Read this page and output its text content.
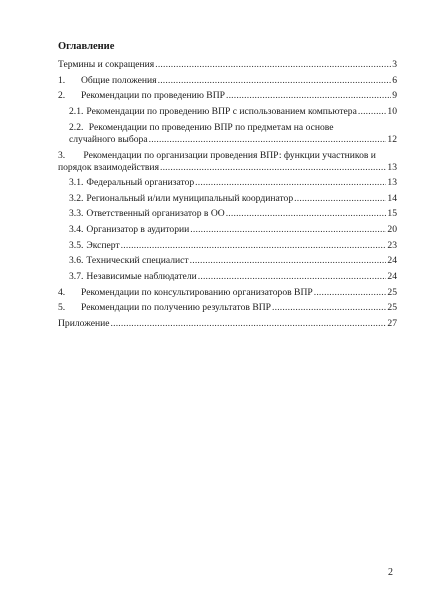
Оглавление
Термины и сокращения .....	3
1.	Общие положения .....	6
2.	Рекомендации по проведению ВПР .....	9
2.1. Рекомендации по проведению ВПР с использованием компьютера .....	10
2.2. Рекомендации по проведению ВПР по предметам на основе
случайного выбора .....	12
3. Рекомендации по организации проведения ВПР: функции участников и
порядок взаимодействия .....	13
3.1. Федеральный организатор .....	13
3.2. Региональный и/или муниципальный координатор .....	14
3.3. Ответственный организатор в ОО .....	15
3.4. Организатор в аудитории .....	20
3.5. Эксперт .....	23
3.6. Технический специалист .....	24
3.7. Независимые наблюдатели .....	24
4.	Рекомендации по консультированию организаторов ВПР .....	25
5.	Рекомендации по получению результатов ВПР .....	25
Приложение .....	27
2
